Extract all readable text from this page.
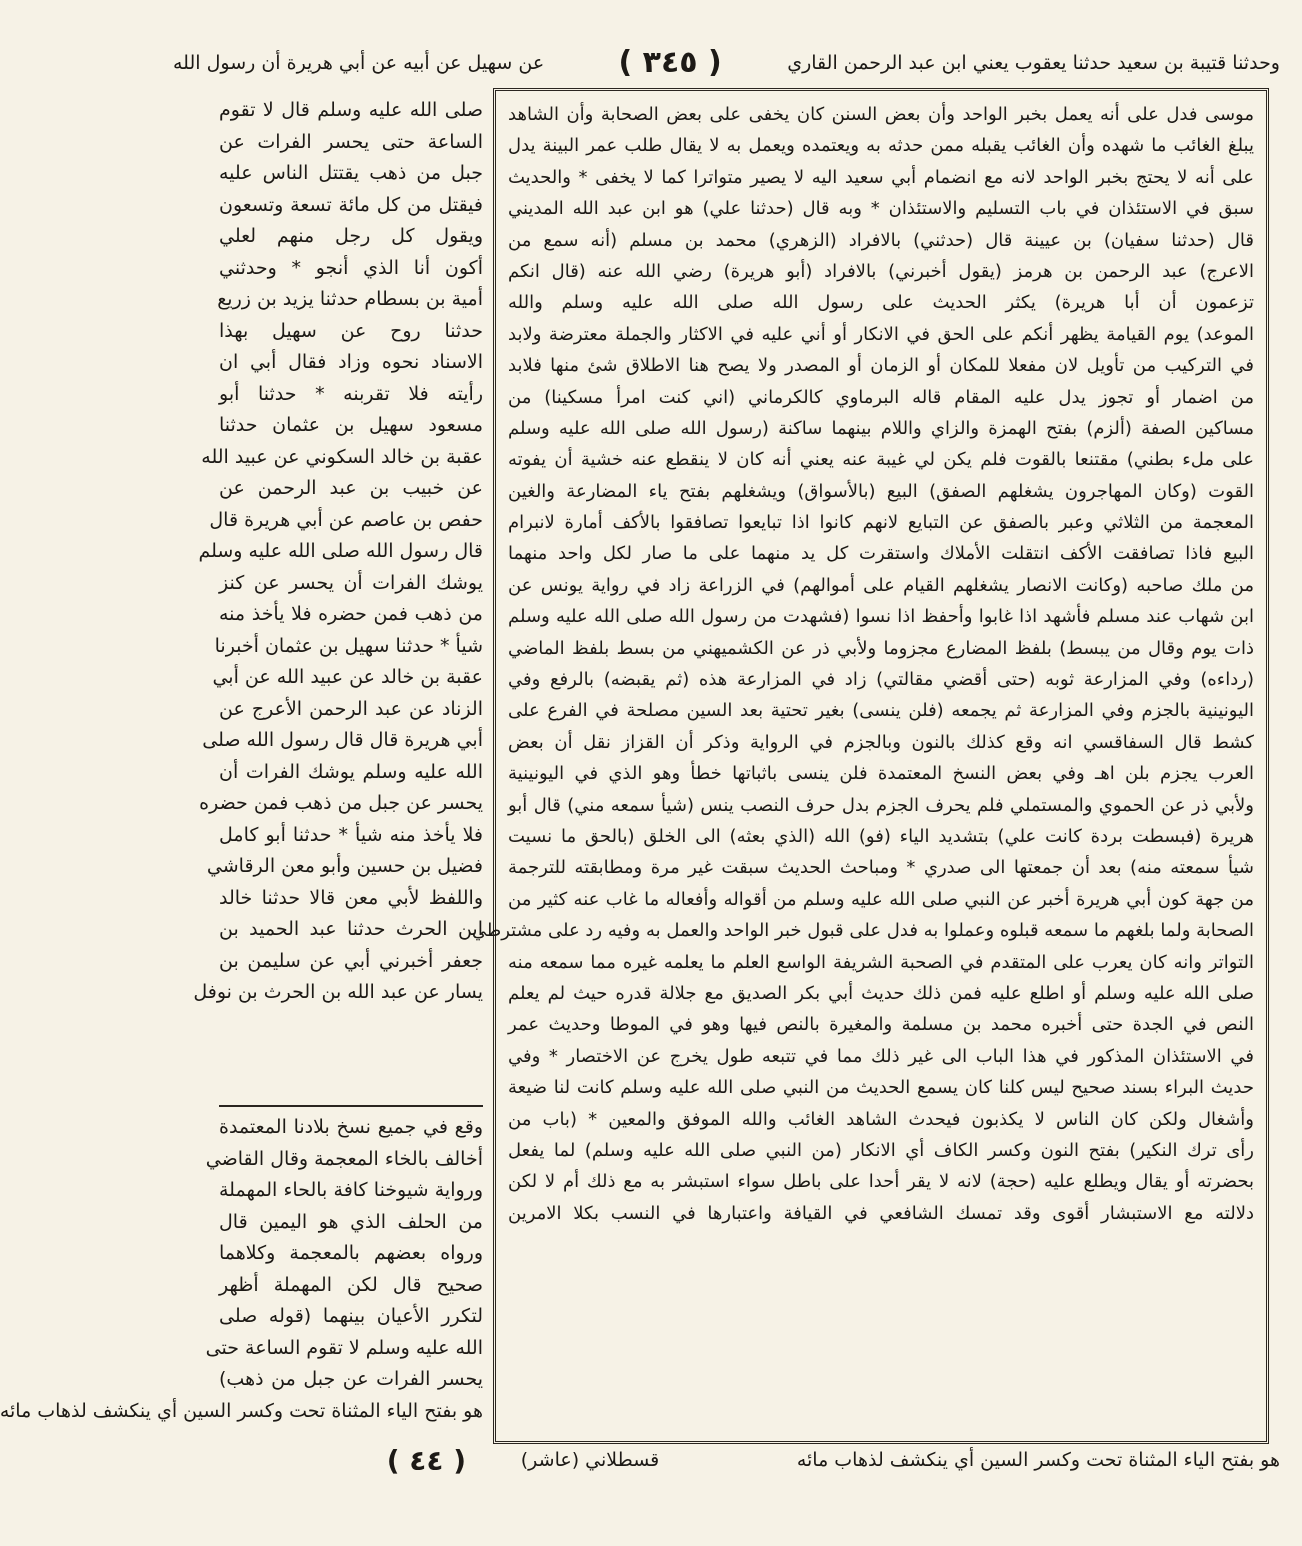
وحدثنا قتيبة بن سعيد حدثنا يعقوب يعني ابن عبد الرحمن القاري
( ٣٤٥ )
عن سهيل عن أبيه عن أبي هريرة أن رسول الله
موسى فدل على أنه يعمل بخبر الواحد وأن بعض السنن كان يخفى على بعض الصحابة وأن الشاهد
يبلغ الغائب ما شهده وأن الغائب يقبله ممن حدثه به ويعتمده ويعمل به لا يقال طلب عمر البينة يدل
على أنه لا يحتج بخبر الواحد لانه مع انضمام أبي سعيد اليه لا يصير متواترا كما لا يخفى * والحديث
سبق في الاستئذان في باب التسليم والاستئذان * وبه قال (حدثنا علي) هو ابن عبد الله المديني
قال (حدثنا سفيان) بن عيينة قال (حدثني) بالافراد (الزهري) محمد بن مسلم (أنه سمع من
الاعرج) عبد الرحمن بن هرمز (يقول أخبرني) بالافراد (أبو هريرة) رضي الله عنه (قال انكم
تزعمون أن أبا هريرة) يكثر الحديث على رسول الله صلى الله عليه وسلم والله
الموعد) يوم القيامة يظهر أنكم على الحق في الانكار أو أني عليه في الاكثار والجملة معترضة ولابد
في التركيب من تأويل لان مفعلا للمكان أو الزمان أو المصدر ولا يصح هنا الاطلاق شئ منها فلابد
من اضمار أو تجوز يدل عليه المقام قاله البرماوي كالكرماني (اني كنت امرأ مسكينا) من
مساكين الصفة (ألزم) بفتح الهمزة والزاي واللام بينهما ساكنة (رسول الله صلى الله عليه وسلم
على ملء بطني) مقتنعا بالقوت فلم يكن لي غيبة عنه يعني أنه كان لا ينقطع عنه خشية أن يفوته
القوت (وكان المهاجرون يشغلهم الصفق) البيع (بالأسواق) ويشغلهم بفتح ياء المضارعة والغين
المعجمة من الثلاثي وعبر بالصفق عن التبايع لانهم كانوا اذا تبايعوا تصافقوا بالأكف أمارة لانبرام
البيع فاذا تصافقت الأكف انتقلت الأملاك واستقرت كل يد منهما على ما صار لكل واحد منهما
من ملك صاحبه (وكانت الانصار يشغلهم القيام على أموالهم) في الزراعة زاد في رواية يونس عن
ابن شهاب عند مسلم فأشهد اذا غابوا وأحفظ اذا نسوا (فشهدت من رسول الله صلى الله عليه وسلم
ذات يوم وقال من يبسط) بلفظ المضارع مجزوما ولأبي ذر عن الكشميهني من بسط بلفظ الماضي
(رداءه) وفي المزارعة ثوبه (حتى أقضي مقالتي) زاد في المزارعة هذه (ثم يقبضه) بالرفع وفي
اليونينية بالجزم وفي المزارعة ثم يجمعه (فلن ينسى) بغير تحتية بعد السين مصلحة في الفرع على
كشط قال السفاقسي انه وقع كذلك بالنون وبالجزم في الرواية وذكر أن القزاز نقل أن بعض
العرب يجزم بلن اهـ وفي بعض النسخ المعتمدة فلن ينسى باثباتها خطأ وهو الذي في اليونينية
ولأبي ذر عن الحموي والمستملي فلم يحرف الجزم بدل حرف النصب ينس (شيأ سمعه مني) قال أبو
هريرة (فبسطت بردة كانت علي) بتشديد الياء (فو) الله (الذي بعثه) الى الخلق (بالحق ما نسيت
شيأ سمعته منه) بعد أن جمعتها الى صدري * ومباحث الحديث سبقت غير مرة ومطابقته للترجمة
من جهة كون أبي هريرة أخبر عن النبي صلى الله عليه وسلم من أقواله وأفعاله ما غاب عنه كثير من
الصحابة ولما بلغهم ما سمعه قبلوه وعملوا به فدل على قبول خبر الواحد والعمل به وفيه رد على مشترطي
التواتر وانه كان يعرب على المتقدم في الصحبة الشريفة الواسع العلم ما يعلمه غيره مما سمعه منه
صلى الله عليه وسلم أو اطلع عليه فمن ذلك حديث أبي بكر الصديق مع جلالة قدره حيث لم يعلم
النص في الجدة حتى أخبره محمد بن مسلمة والمغيرة بالنص فيها وهو في الموطا وحديث عمر
في الاستئذان المذكور في هذا الباب الى غير ذلك مما في تتبعه طول يخرج عن الاختصار * وفي
حديث البراء بسند صحيح ليس كلنا كان يسمع الحديث من النبي صلى الله عليه وسلم كانت لنا ضيعة
وأشغال ولكن كان الناس لا يكذبون فيحدث الشاهد الغائب والله الموفق والمعين * (باب من
رأى ترك النكير) بفتح النون وكسر الكاف أي الانكار (من النبي صلى الله عليه وسلم) لما يفعل
بحضرته أو يقال ويطلع عليه (حجة) لانه لا يقر أحدا على باطل سواء استبشر به مع ذلك أم لا لكن
دلالته مع الاستبشار أقوى وقد تمسك الشافعي في القيافة واعتبارها في النسب بكلا الامرين
صلى الله عليه وسلم قال لا تقوم
الساعة حتى يحسر الفرات عن
جبل من ذهب يقتتل الناس عليه
فيقتل من كل مائة تسعة وتسعون
ويقول كل رجل منهم لعلي
أكون أنا الذي أنجو * وحدثني
أمية بن بسطام حدثنا يزيد بن زريع
حدثنا روح عن سهيل بهذا
الاسناد نحوه وزاد فقال أبي ان
رأيته فلا تقربنه * حدثنا أبو
مسعود سهيل بن عثمان حدثنا
عقبة بن خالد السكوني عن عبيد الله
عن خبيب بن عبد الرحمن عن
حفص بن عاصم عن أبي هريرة قال
قال رسول الله صلى الله عليه وسلم
يوشك الفرات أن يحسر عن كنز
من ذهب فمن حضره فلا يأخذ منه
شيأ * حدثنا سهيل بن عثمان أخبرنا
عقبة بن خالد عن عبيد الله عن أبي
الزناد عن عبد الرحمن الأعرج عن
أبي هريرة قال قال رسول الله صلى
الله عليه وسلم يوشك الفرات أن
يحسر عن جبل من ذهب فمن حضره
فلا يأخذ منه شيأ * حدثنا أبو كامل
فضيل بن حسين وأبو معن الرقاشي
واللفظ لأبي معن قالا حدثنا خالد
ابن الحرث حدثنا عبد الحميد بن
جعفر أخبرني أبي عن سليمن بن
يسار عن عبد الله بن الحرث بن نوفل
وقع في جميع نسخ بلادنا المعتمدة
أخالف بالخاء المعجمة وقال القاضي
ورواية شيوخنا كافة بالحاء المهملة
من الحلف الذي هو اليمين قال
ورواه بعضهم بالمعجمة وكلاهما
صحيح قال لكن المهملة أظهر
لتكرر الأعيان بينهما (قوله صلى
الله عليه وسلم لا تقوم الساعة حتى
يحسر الفرات عن جبل من ذهب)
هو بفتح الياء المثناة تحت وكسر السين أي ينكشف لذهاب مائه
هو بفتح الياء المثناة تحت وكسر السين أي ينكشف لذهاب مائه
قسطلاني (عاشر)
( ٤٤ )
